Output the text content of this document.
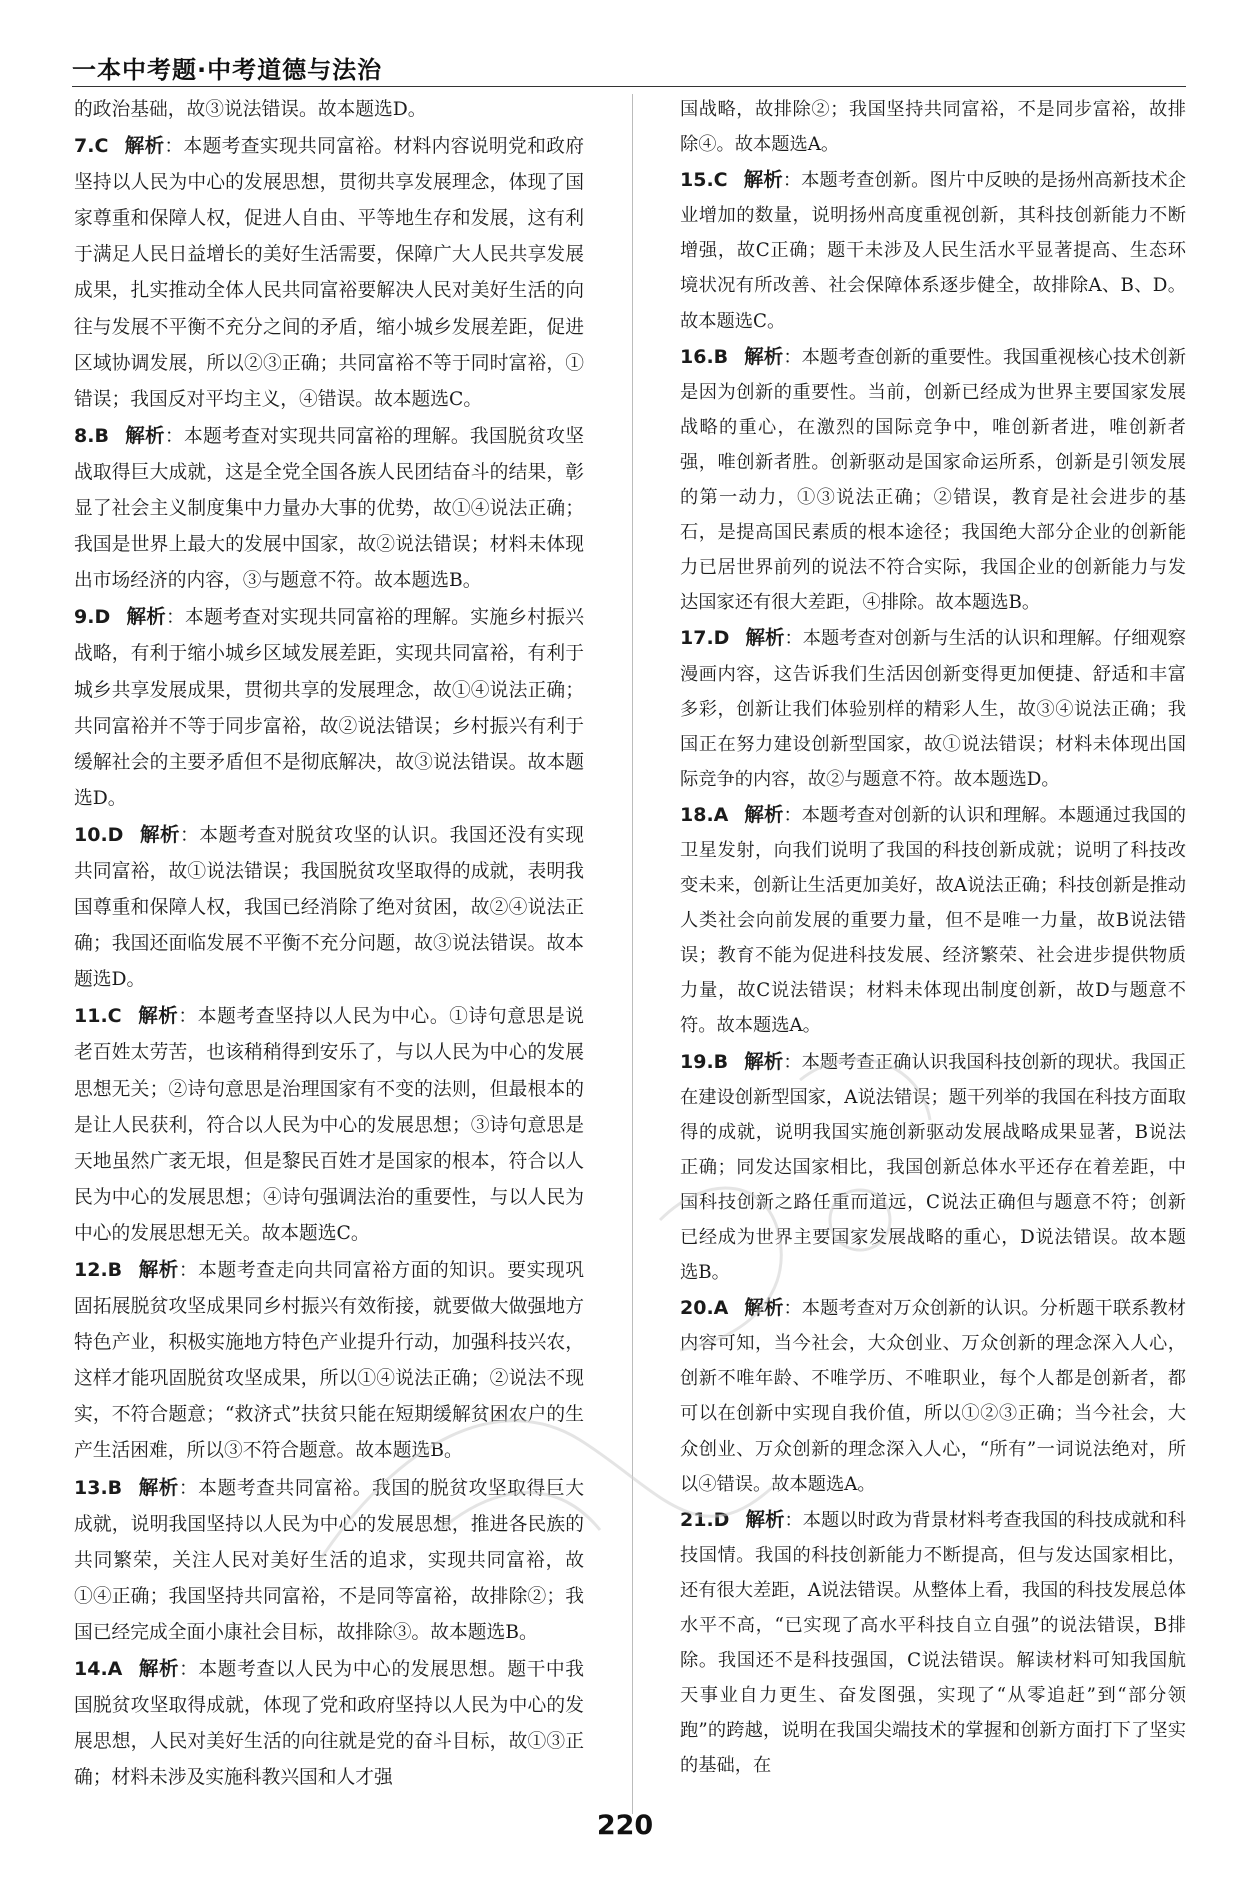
一本中考题·中考道德与法治

的政治基础，故③说法错误。故本题选D。

7.C 解析：本题考查实现共同富裕。材料内容说明党和政府坚持以人民为中心的发展思想，贯彻共享发展理念，体现了国家尊重和保障人权，促进人自由、平等地生存和发展，这有利于满足人民日益增长的美好生活需要，保障广大人民共享发展成果，扎实推动全体人民共同富裕要解决人民对美好生活的向往与发展不平衡不充分之间的矛盾，缩小城乡发展差距，促进区域协调发展，所以②③正确；共同富裕不等于同时富裕，①错误；我国反对平均主义，④错误。故本题选C。

8.B 解析：本题考查对实现共同富裕的理解。我国脱贫攻坚战取得巨大成就，这是全党全国各族人民团结奋斗的结果，彰显了社会主义制度集中力量办大事的优势，故①④说法正确；我国是世界上最大的发展中国家，故②说法错误；材料未体现出市场经济的内容，③与题意不符。故本题选B。

9.D 解析：本题考查对实现共同富裕的理解。实施乡村振兴战略，有利于缩小城乡区域发展差距，实现共同富裕，有利于城乡共享发展成果，贯彻共享的发展理念，故①④说法正确；共同富裕并不等于同步富裕，故②说法错误；乡村振兴有利于缓解社会的主要矛盾但不是彻底解决，故③说法错误。故本题选D。

10.D 解析：本题考查对脱贫攻坚的认识。我国还没有实现共同富裕，故①说法错误；我国脱贫攻坚取得的成就，表明我国尊重和保障人权，我国已经消除了绝对贫困，故②④说法正确；我国还面临发展不平衡不充分问题，故③说法错误。故本题选D。

11.C 解析：本题考查坚持以人民为中心。①诗句意思是说老百姓太劳苦，也该稍稍得到安乐了，与以人民为中心的发展思想无关；②诗句意思是治理国家有不变的法则，但最根本的是让人民获利，符合以人民为中心的发展思想；③诗句意思是天地虽然广袤无垠，但是黎民百姓才是国家的根本，符合以人民为中心的发展思想；④诗句强调法治的重要性，与以人民为中心的发展思想无关。故本题选C。

12.B 解析：本题考查走向共同富裕方面的知识。要实现巩固拓展脱贫攻坚成果同乡村振兴有效衔接，就要做大做强地方特色产业，积极实施地方特色产业提升行动，加强科技兴农，这样才能巩固脱贫攻坚成果，所以①④说法正确；②说法不现实，不符合题意；“救济式”扶贫只能在短期缓解贫困农户的生产生活困难，所以③不符合题意。故本题选B。

13.B 解析：本题考查共同富裕。我国的脱贫攻坚取得巨大成就，说明我国坚持以人民为中心的发展思想，推进各民族的共同繁荣，关注人民对美好生活的追求，实现共同富裕，故①④正确；我国坚持共同富裕，不是同等富裕，故排除②；我国已经完成全面小康社会目标，故排除③。故本题选B。

14.A 解析：本题考查以人民为中心的发展思想。题干中我国脱贫攻坚取得成就，体现了党和政府坚持以人民为中心的发展思想，人民对美好生活的向往就是党的奋斗目标，故①③正确；材料未涉及实施科教兴国和人才强

国战略，故排除②；我国坚持共同富裕，不是同步富裕，故排除④。故本题选A。

15.C 解析：本题考查创新。图片中反映的是扬州高新技术企业增加的数量，说明扬州高度重视创新，其科技创新能力不断增强，故C正确；题干未涉及人民生活水平显著提高、生态环境状况有所改善、社会保障体系逐步健全，故排除A、B、D。故本题选C。

16.B 解析：本题考查创新的重要性。我国重视核心技术创新是因为创新的重要性。当前，创新已经成为世界主要国家发展战略的重心，在激烈的国际竞争中，唯创新者进，唯创新者强，唯创新者胜。创新驱动是国家命运所系，创新是引领发展的第一动力，①③说法正确；②错误，教育是社会进步的基石，是提高国民素质的根本途径；我国绝大部分企业的创新能力已居世界前列的说法不符合实际，我国企业的创新能力与发达国家还有很大差距，④排除。故本题选B。

17.D 解析：本题考查对创新与生活的认识和理解。仔细观察漫画内容，这告诉我们生活因创新变得更加便捷、舒适和丰富多彩，创新让我们体验别样的精彩人生，故③④说法正确；我国正在努力建设创新型国家，故①说法错误；材料未体现出国际竞争的内容，故②与题意不符。故本题选D。

18.A 解析：本题考查对创新的认识和理解。本题通过我国的卫星发射，向我们说明了我国的科技创新成就；说明了科技改变未来，创新让生活更加美好，故A说法正确；科技创新是推动人类社会向前发展的重要力量，但不是唯一力量，故B说法错误；教育不能为促进科技发展、经济繁荣、社会进步提供物质力量，故C说法错误；材料未体现出制度创新，故D与题意不符。故本题选A。

19.B 解析：本题考查正确认识我国科技创新的现状。我国正在建设创新型国家，A说法错误；题干列举的我国在科技方面取得的成就，说明我国实施创新驱动发展战略成果显著，B说法正确；同发达国家相比，我国创新总体水平还存在着差距，中国科技创新之路任重而道远，C说法正确但与题意不符；创新已经成为世界主要国家发展战略的重心，D说法错误。故本题选B。

20.A 解析：本题考查对万众创新的认识。分析题干联系教材内容可知，当今社会，大众创业、万众创新的理念深入人心，创新不唯年龄、不唯学历、不唯职业，每个人都是创新者，都可以在创新中实现自我价值，所以①②③正确；当今社会，大众创业、万众创新的理念深入人心，“所有”一词说法绝对，所以④错误。故本题选A。

21.D 解析：本题以时政为背景材料考查我国的科技成就和科技国情。我国的科技创新能力不断提高，但与发达国家相比，还有很大差距，A说法错误。从整体上看，我国的科技发展总体水平不高，“已实现了高水平科技自立自强”的说法错误，B排除。我国还不是科技强国，C说法错误。解读材料可知我国航天事业自力更生、奋发图强，实现了“从零追赶”到“部分领跑”的跨越，说明在我国尖端技术的掌握和创新方面打下了坚实的基础，在

220
